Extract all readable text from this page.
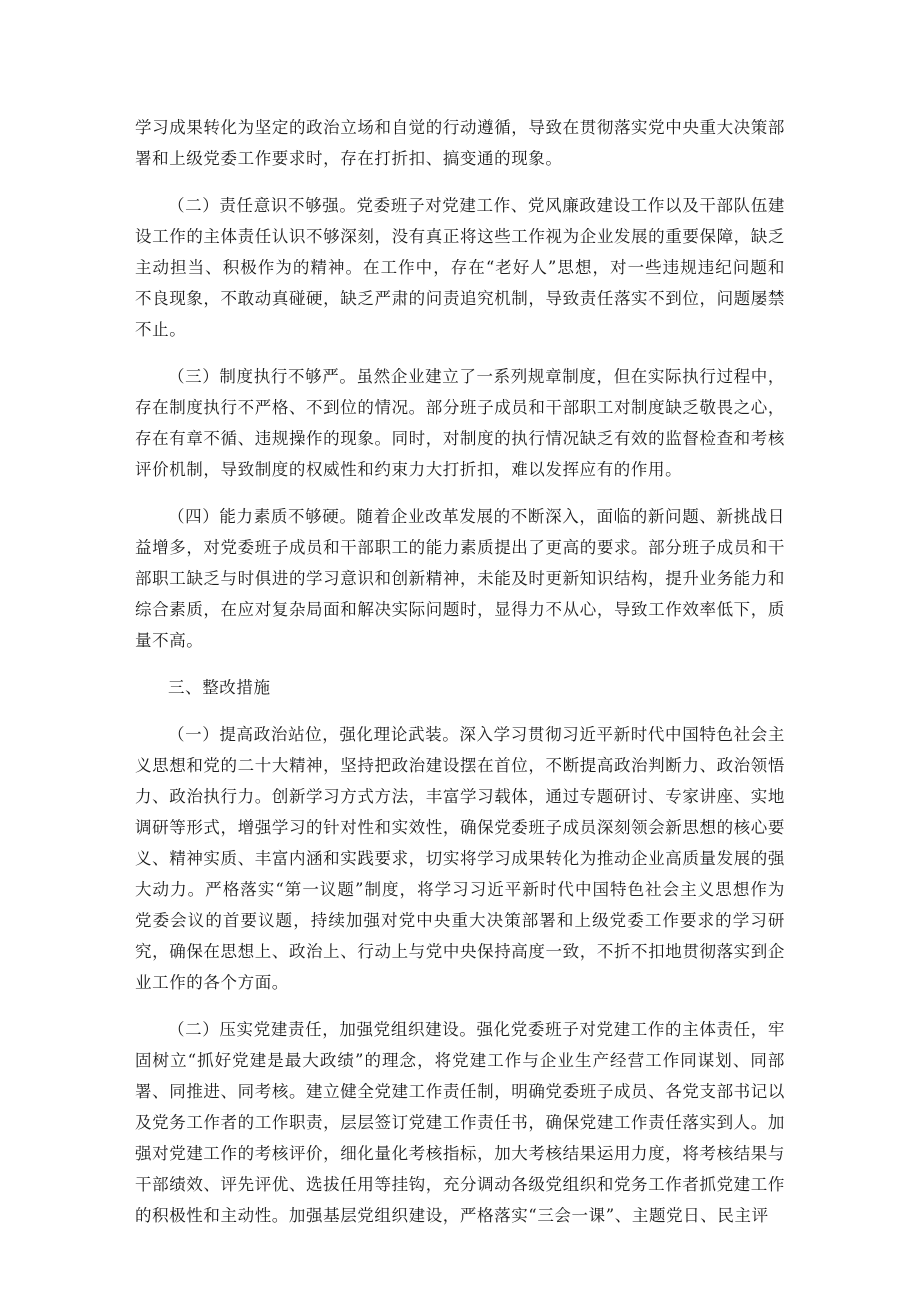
学习成果转化为坚定的政治立场和自觉的行动遵循，导致在贯彻落实党中央重大决策部署和上级党委工作要求时，存在打折扣、搞变通的现象。

（二）责任意识不够强。党委班子对党建工作、党风廉政建设工作以及干部队伍建设工作的主体责任认识不够深刻，没有真正将这些工作视为企业发展的重要保障，缺乏主动担当、积极作为的精神。在工作中，存在“老好人”思想，对一些违规违纪问题和不良现象，不敢动真碰硬，缺乏严肃的问责追究机制，导致责任落实不到位，问题屡禁不止。

（三）制度执行不够严。虽然企业建立了一系列规章制度，但在实际执行过程中，存在制度执行不严格、不到位的情况。部分班子成员和干部职工对制度缺乏敬畏之心，存在有章不循、违规操作的现象。同时，对制度的执行情况缺乏有效的监督检查和考核评价机制，导致制度的权威性和约束力大打折扣，难以发挥应有的作用。

（四）能力素质不够硬。随着企业改革发展的不断深入，面临的新问题、新挑战日益增多，对党委班子成员和干部职工的能力素质提出了更高的要求。部分班子成员和干部职工缺乏与时俱进的学习意识和创新精神，未能及时更新知识结构，提升业务能力和综合素质，在应对复杂局面和解决实际问题时，显得力不从心，导致工作效率低下，质量不高。

三、整改措施

（一）提高政治站位，强化理论武装。深入学习贯彻习近平新时代中国特色社会主义思想和党的二十大精神，坚持把政治建设摆在首位，不断提高政治判断力、政治领悟力、政治执行力。创新学习方式方法，丰富学习载体，通过专题研讨、专家讲座、实地调研等形式，增强学习的针对性和实效性，确保党委班子成员深刻领会新思想的核心要义、精神实质、丰富内涵和实践要求，切实将学习成果转化为推动企业高质量发展的强大动力。严格落实“第一议题”制度，将学习习近平新时代中国特色社会主义思想作为党委会议的首要议题，持续加强对党中央重大决策部署和上级党委工作要求的学习研究，确保在思想上、政治上、行动上与党中央保持高度一致，不折不扣地贯彻落实到企业工作的各个方面。

（二）压实党建责任，加强党组织建设。强化党委班子对党建工作的主体责任，牢固树立“抓好党建是最大政绩”的理念，将党建工作与企业生产经营工作同谋划、同部署、同推进、同考核。建立健全党建工作责任制，明确党委班子成员、各党支部书记以及党务工作者的工作职责，层层签订党建工作责任书，确保党建工作责任落实到人。加强对党建工作的考核评价，细化量化考核指标，加大考核结果运用力度，将考核结果与干部绩效、评先评优、选拔任用等挂钩，充分调动各级党组织和党务工作者抓党建工作的积极性和主动性。加强基层党组织建设，严格落实“三会一课”、主题党日、民主评
